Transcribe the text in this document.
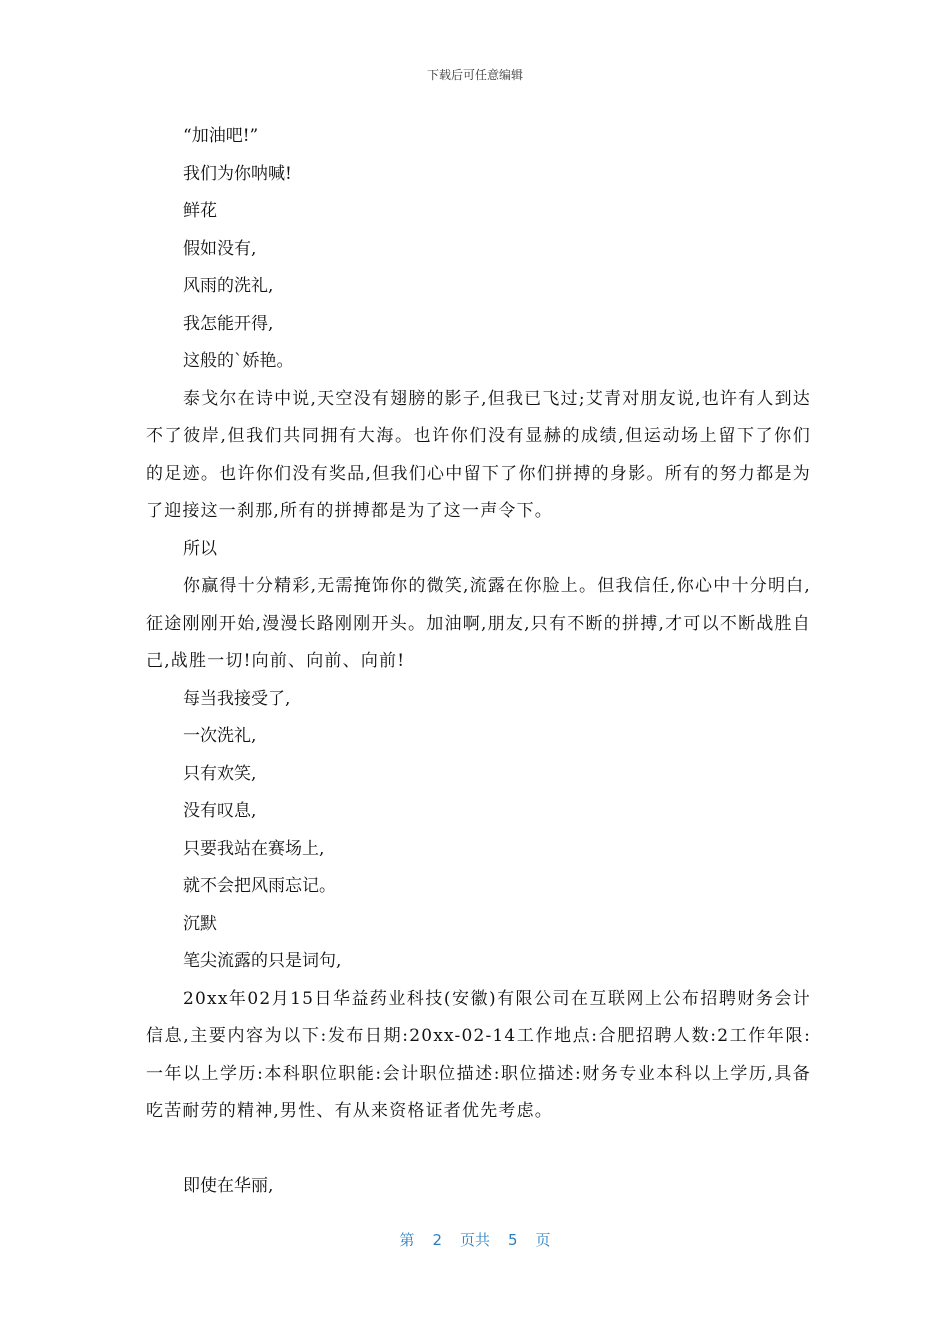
下载后可任意编辑

“加油吧!”

我们为你呐喊!

鲜花

假如没有,

风雨的洗礼,

我怎能开得,

这般的`娇艳。

泰戈尔在诗中说,天空没有翅膀的影子,但我已飞过;艾青对朋友说,也许有人到达不了彼岸,但我们共同拥有大海。也许你们没有显赫的成绩,但运动场上留下了你们的足迹。也许你们没有奖品,但我们心中留下了你们拼搏的身影。所有的努力都是为了迎接这一刹那,所有的拼搏都是为了这一声令下。

所以

你赢得十分精彩,无需掩饰你的微笑,流露在你脸上。但我信任,你心中十分明白,征途刚刚开始,漫漫长路刚刚开头。加油啊,朋友,只有不断的拼搏,才可以不断战胜自己,战胜一切!向前、向前、向前!

每当我接受了,

一次洗礼,

只有欢笑,

没有叹息,

只要我站在赛场上,

就不会把风雨忘记。

沉默

笔尖流露的只是词句,

20xx年02月15日华益药业科技(安徽)有限公司在互联网上公布招聘财务会计信息,主要内容为以下:发布日期:20xx-02-14工作地点:合肥招聘人数:2工作年限:一年以上学历:本科职位职能:会计职位描述:职位描述:财务专业本科以上学历,具备吃苦耐劳的精神,男性、有从来资格证者优先考虑。

即使在华丽,

第 2 页共 5 页
